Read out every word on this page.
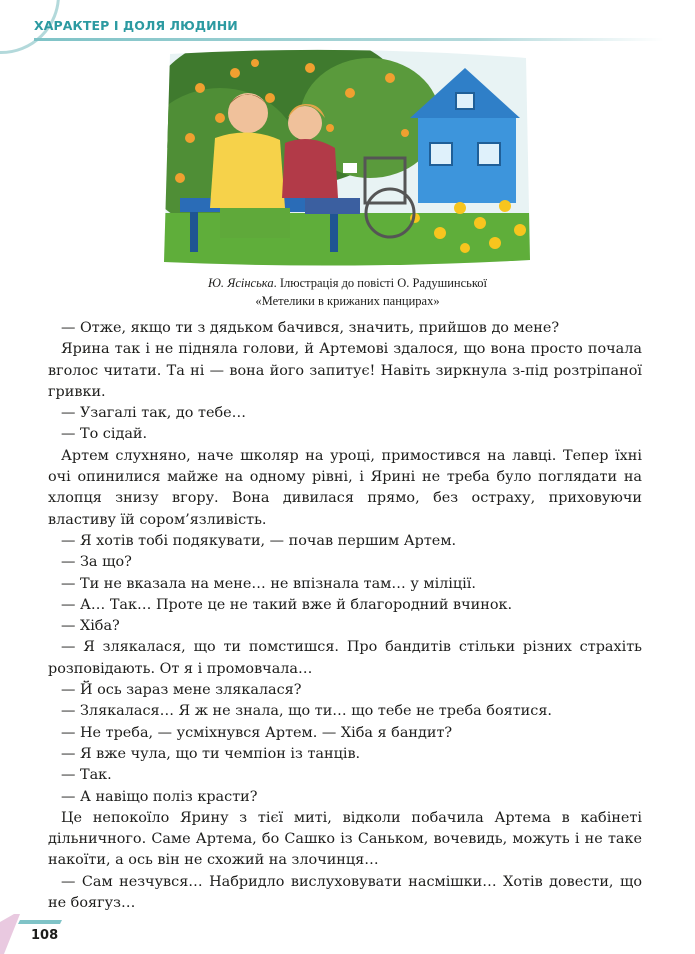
ХАРАКТЕР І ДОЛЯ ЛЮДИНИ
Ю. Ясінська. Ілюстрація до повісті О. Радушинської
«Метелики в крижаних панцирах»

— Отже, якщо ти з дядьком бачився, значить, прийшов до мене?

Ярина так і не підняла голови, й Артемові здалося, що вона просто почала вголос читати. Та ні — вона його запитує! Навіть зиркнула з-під розтріпаної гривки.

— Узагалі так, до тебе…

— То сідай.

Артем слухняно, наче школяр на уроці, примостився на лавці. Тепер їхні очі опинилися майже на одному рівні, і Ярині не треба було поглядати на хлопця знизу вгору. Вона дивилася прямо, без остраху, приховуючи властиву їй сором’язливість.

— Я хотів тобі подякувати, — почав першим Артем.

— За що?

— Ти не вказала на мене… не впізнала там… у міліції.

— А… Так… Проте це не такий вже й благородний вчинок.

— Хіба?

— Я злякалася, що ти помстишся. Про бандитів стільки різних страхіть розповідають. От я і промовчала…

— Й ось зараз мене злякалася?

— Злякалася… Я ж не знала, що ти… що тебе не треба боятися.

— Не треба, — усміхнувся Артем. — Хіба я бандит?

— Я вже чула, що ти чемпіон із танців.

— Так.

— А навіщо поліз красти?

Це непокоїло Ярину з тієї миті, відколи побачила Артема в кабінеті дільничного. Саме Артема, бо Сашко із Саньком, вочевидь, можуть і не таке накоїти, а ось він не схожий на злочинця…

— Сам незчувся… Набридло вислуховувати насмішки… Хотів довести, що не боягуз…

108
